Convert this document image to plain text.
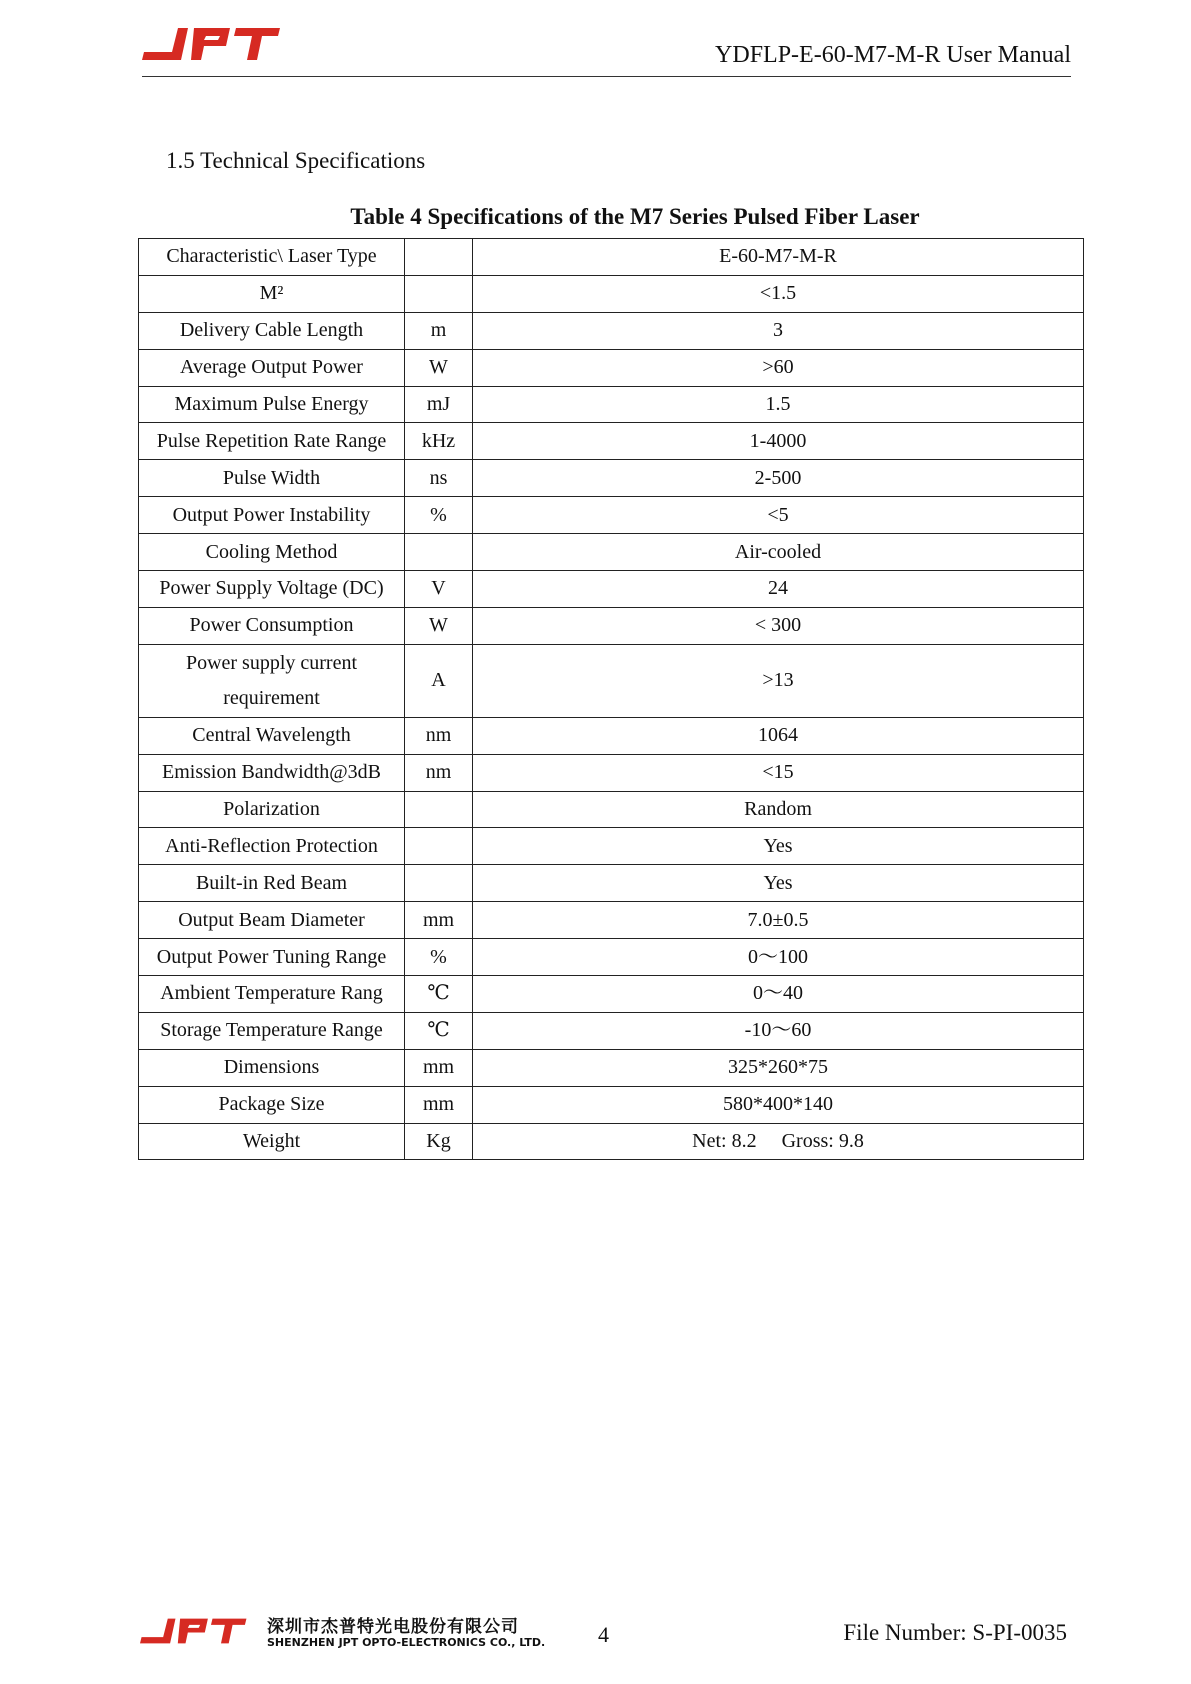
YDFLP-E-60-M7-M-R User Manual
1.5 Technical Specifications
Table 4 Specifications of the M7 Series Pulsed Fiber Laser
Characteristic\ Laser Type		E-60-M7-M-R
M²		<1.5
Delivery Cable Length	m	3
Average Output Power	W	>60
Maximum Pulse Energy	mJ	1.5
Pulse Repetition Rate Range	kHz	1-4000
Pulse Width	ns	2-500
Output Power Instability	%	<5
Cooling Method		Air-cooled
Power Supply Voltage (DC)	V	24
Power Consumption	W	< 300

Power supply current
requirement	A	>13
Central Wavelength	nm	1064
Emission Bandwidth@3dB	nm	<15
Polarization		Random
Anti-Reflection Protection		Yes
Built-in Red Beam		Yes
Output Beam Diameter	mm	7.0±0.5
Output Power Tuning Range	%	0～100
Ambient Temperature Rang	℃	0～40
Storage Temperature Range	℃	-10～60
Dimensions	mm	325*260*75
Package Size	mm	580*400*140
Weight	Kg	Net: 8.2     Gross: 9.8
深圳市杰普特光电股份有限公司
SHENZHEN JPT OPTO-ELECTRONICS CO., LTD. 4	File Number: S-PI-0035
